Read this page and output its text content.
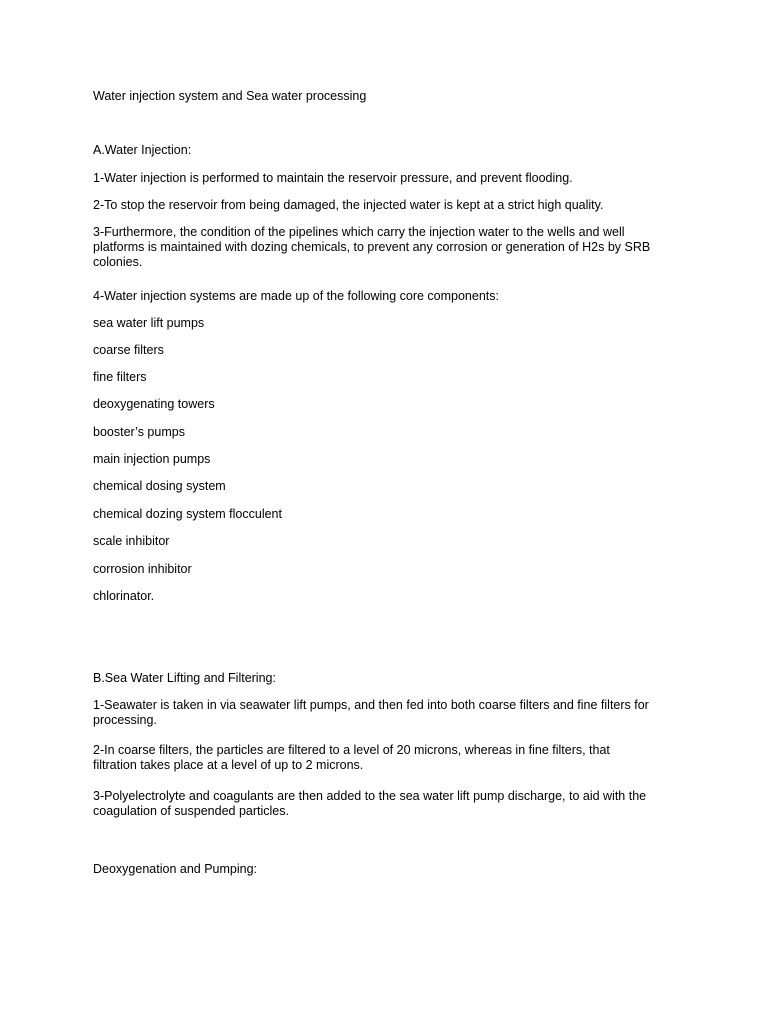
Water injection system and Sea water processing

A.Water Injection:

1-Water injection is performed to maintain the reservoir pressure, and prevent flooding.

2-To stop the reservoir from being damaged, the injected water is kept at a strict high quality.

3-Furthermore, the condition of the pipelines which carry the injection water to the wells and well platforms is maintained with dozing chemicals, to prevent any corrosion or generation of H2s by SRB colonies.

4-Water injection systems are made up of the following core components:

sea water lift pumps

coarse filters

fine filters

deoxygenating towers

booster’s pumps

main injection pumps

chemical dosing system

chemical dozing system flocculent

scale inhibitor

corrosion inhibitor

chlorinator.

B.Sea Water Lifting and Filtering:

1-Seawater is taken in via seawater lift pumps, and then fed into both coarse filters and fine filters for processing.

2-In coarse filters, the particles are filtered to a level of 20 microns, whereas in fine filters, that filtration takes place at a level of up to 2 microns.

3-Polyelectrolyte and coagulants are then added to the sea water lift pump discharge, to aid with the coagulation of suspended particles.

Deoxygenation and Pumping:
